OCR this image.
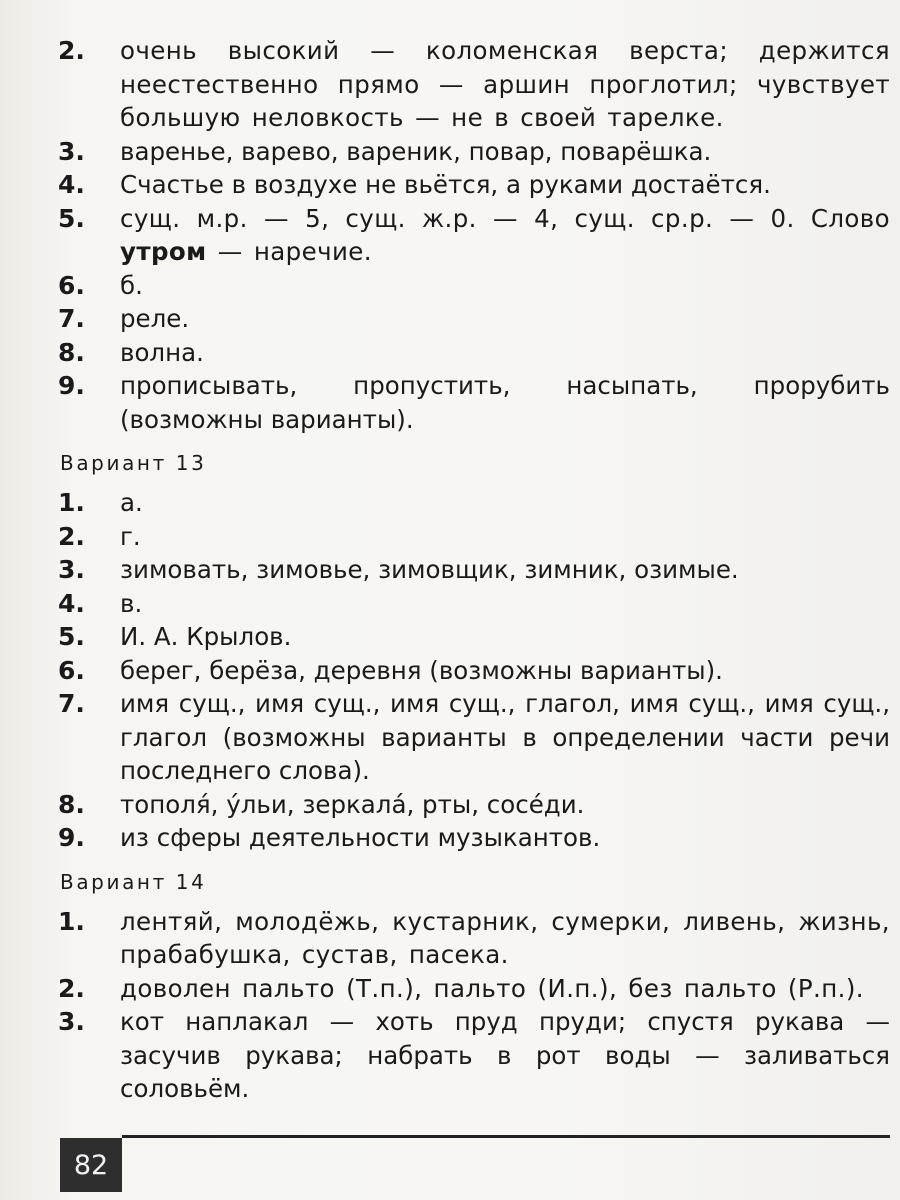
2.	очень высокий — коломенская верста; держится неестественно прямо — аршин проглотил; чувствует большую неловкость — не в своей тарелке.
3.	варенье, варево, вареник, повар, поварёшка.
4.	Счастье в воздухе не вьётся, а руками достаётся.
5.	сущ. м.р. — 5, сущ. ж.р. — 4, сущ. ср.р. — 0. Слово утром — наречие.
6.	б.
7.	реле.
8.	волна.
9.	прописывать, пропустить, насыпать, прорубить (возможны варианты).
Вариант 13
1.	а.
2.	г.
3.	зимовать, зимовье, зимовщик, зимник, озимые.
4.	в.
5.	И. А. Крылов.
6.	берег, берёза, деревня (возможны варианты).
7.	имя сущ., имя сущ., имя сущ., глагол, имя сущ., имя сущ., глагол (возможны варианты в определении части речи последнего слова).
8.	тополя́, у́льи, зеркала́, рты, сосе́ди.
9.	из сферы деятельности музыкантов.
Вариант 14
1.	лентяй, молодёжь, кустарник, сумерки, ливень, жизнь, прабабушка, сустав, пасека.
2.	доволен пальто (Т.п.), пальто (И.п.), без пальто (Р.п.).
3.	кот наплакал — хоть пруд пруди; спустя рукава — засучив рукава; набрать в рот воды — заливаться соловьём.
82
